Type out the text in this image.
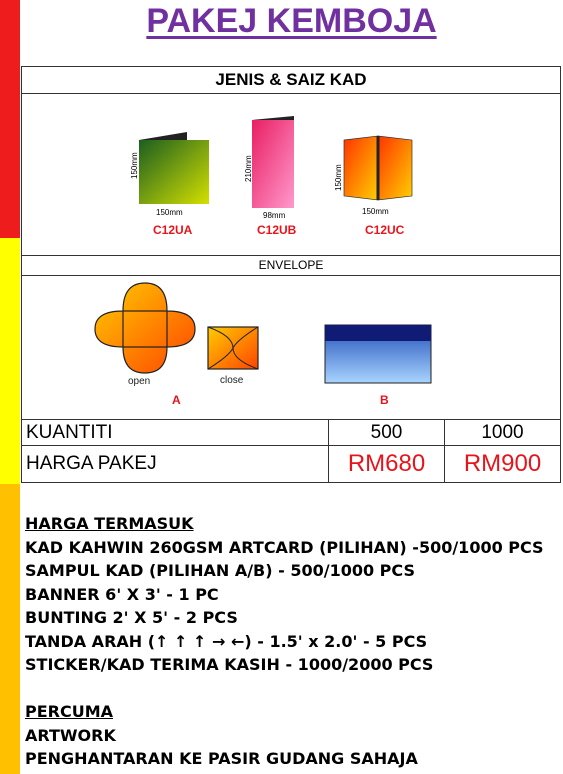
PAKEJ KEMBOJA
JENIS & SAIZ KAD
150mm
150mm
C12UA
210mm
98mm
C12UB
150mm
150mm
C12UC
ENVELOPE
open	close
A	B
KUANTITI	500	1000
HARGA PAKEJ	RM680	RM900
HARGA TERMASUK
KAD KAHWIN 260GSM ARTCARD (PILIHAN) -500/1000 PCS
SAMPUL KAD (PILIHAN A/B) - 500/1000 PCS
BANNER 6' X 3' - 1 PC
BUNTING 2' X 5' - 2 PCS
TANDA ARAH (↑ ↑ ↑ → ←) - 1.5' x 2.0' - 5 PCS
STICKER/KAD TERIMA KASIH - 1000/2000 PCS

PERCUMA
ARTWORK
PENGHANTARAN KE PASIR GUDANG SAHAJA
